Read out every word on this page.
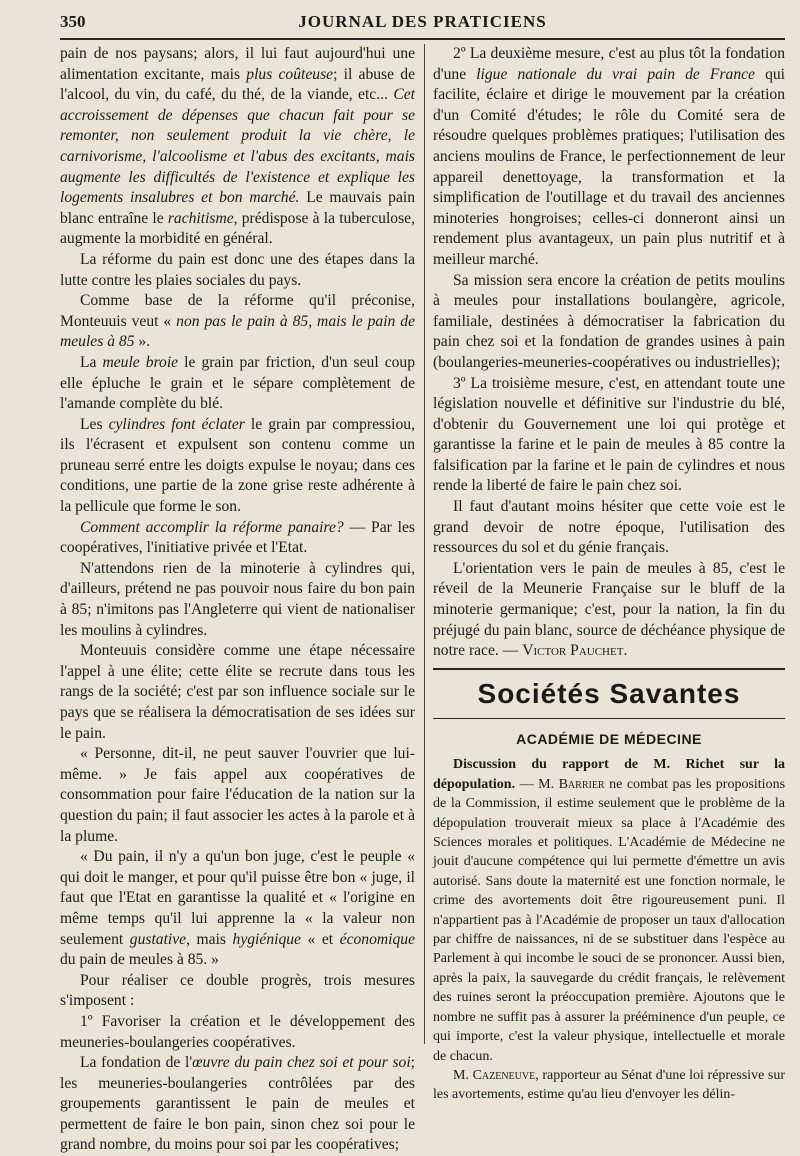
350	JOURNAL DES PRATICIENS

pain de nos paysans; alors, il lui faut aujourd'hui une alimentation excitante, mais plus coûteuse; il abuse de l'alcool, du vin, du café, du thé, de la viande, etc... Cet accroissement de dépenses que chacun fait pour se remonter, non seulement produit la vie chère, le carnivorisme, l'alcoolisme et l'abus des excitants, mais augmente les difficultés de l'existence et explique les logements insalubres et bon marché. Le mauvais pain blanc entraîne le rachitisme, prédispose à la tuberculose, augmente la morbidité en général.

La réforme du pain est donc une des étapes dans la lutte contre les plaies sociales du pays.

Comme base de la réforme qu'il préconise, Monteuuis veut « non pas le pain à 85, mais le pain de meules à 85 ».

La meule broie le grain par friction, d'un seul coup elle épluche le grain et le sépare complètement de l'amande complète du blé.

Les cylindres font éclater le grain par compressiou, ils l'écrasent et expulsent son contenu comme un pruneau serré entre les doigts expulse le noyau; dans ces conditions, une partie de la zone grise reste adhérente à la pellicule que forme le son.

Comment accomplir la réforme panaire? — Par les coopératives, l'initiative privée et l'Etat.

N'attendons rien de la minoterie à cylindres qui, d'ailleurs, prétend ne pas pouvoir nous faire du bon pain à 85; n'imitons pas l'Angleterre qui vient de nationaliser les moulins à cylindres.

Monteuuis considère comme une étape nécessaire l'appel à une élite; cette élite se recrute dans tous les rangs de la société; c'est par son influence sociale sur le pays que se réalisera la démocratisation de ses idées sur le pain.

« Personne, dit-il, ne peut sauver l'ouvrier que lui-même. » Je fais appel aux coopératives de consommation pour faire l'éducation de la nation sur la question du pain; il faut associer les actes à la parole et à la plume.

« Du pain, il n'y a qu'un bon juge, c'est le peuple « qui doit le manger, et pour qu'il puisse être bon « juge, il faut que l'Etat en garantisse la qualité et « l'origine en même temps qu'il lui apprenne la « la valeur non seulement gustative, mais hygiénique « et économique du pain de meules à 85. »

Pour réaliser ce double progrès, trois mesures s'imposent :

1º Favoriser la création et le développement des meuneries-boulangeries coopératives.

La fondation de l'œuvre du pain chez soi et pour soi; les meuneries-boulangeries contrôlées par des groupements garantissent le pain de meules et permettent de faire le bon pain, sinon chez soi pour le grand nombre, du moins pour soi par les coopératives;

2º La deuxième mesure, c'est au plus tôt la fondation d'une ligue nationale du vrai pain de France qui facilite, éclaire et dirige le mouvement par la création d'un Comité d'études; le rôle du Comité sera de résoudre quelques problèmes pratiques; l'utilisation des anciens moulins de France, le perfectionnement de leur appareil denettoyage, la transformation et la simplification de l'outillage et du travail des anciennes minoteries hongroises; celles-ci donneront ainsi un rendement plus avantageux, un pain plus nutritif et à meilleur marché.

Sa mission sera encore la création de petits moulins à meules pour installations boulangère, agricole, familiale, destinées à démocratiser la fabrication du pain chez soi et la fondation de grandes usines à pain (boulangeries-meuneries-coopératives ou industrielles);

3º La troisième mesure, c'est, en attendant toute une législation nouvelle et définitive sur l'industrie du blé, d'obtenir du Gouvernement une loi qui protège et garantisse la farine et le pain de meules à 85 contre la falsification par la farine et le pain de cylindres et nous rende la liberté de faire le pain chez soi.

Il faut d'autant moins hésiter que cette voie est le grand devoir de notre époque, l'utilisation des ressources du sol et du génie français.

L'orientation vers le pain de meules à 85, c'est le réveil de la Meunerie Française sur le bluff de la minoterie germanique; c'est, pour la nation, la fin du préjugé du pain blanc, source de déchéance physique de notre race. — Victor Pauchet.

Sociétés Savantes
ACADÉMIE DE MÉDECINE

Discussion du rapport de M. Richet sur la dépopulation. — M. Barrier ne combat pas les propositions de la Commission, il estime seulement que le problème de la dépopulation trouverait mieux sa place à l'Académie des Sciences morales et politiques. L'Académie de Médecine ne jouit d'aucune compétence qui lui permette d'émettre un avis autorisé. Sans doute la maternité est une fonction normale, le crime des avortements doit être rigoureusement puni. Il n'appartient pas à l'Académie de proposer un taux d'allocation par chiffre de naissances, ni de se substituer dans l'espèce au Parlement à qui incombe le souci de se prononcer. Aussi bien, après la paix, la sauvegarde du crédit français, le relèvement des ruines seront la préoccupation première. Ajoutons que le nombre ne suffit pas à assurer la prééminence d'un peuple, ce qui importe, c'est la valeur physique, intellectuelle et morale de chacun.

M. Cazeneuve, rapporteur au Sénat d'une loi répressive sur les avortements, estime qu'au lieu d'envoyer les délin-
